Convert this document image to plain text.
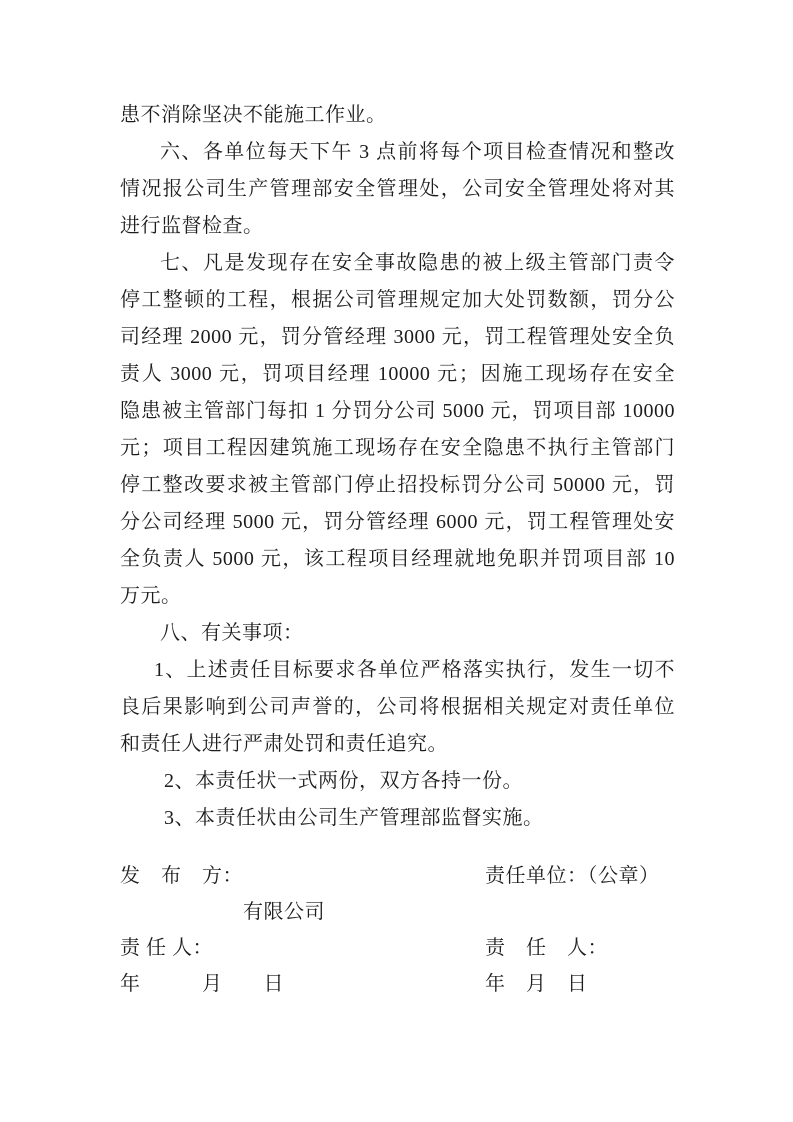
患不消除坚决不能施工作业。
六、各单位每天下午 3 点前将每个项目检查情况和整改
情况报公司生产管理部安全管理处，公司安全管理处将对其
进行监督检查。
七、凡是发现存在安全事故隐患的被上级主管部门责令
停工整顿的工程，根据公司管理规定加大处罚数额，罚分公
司经理 2000 元，罚分管经理 3000 元，罚工程管理处安全负
责人 3000 元，罚项目经理 10000 元；因施工现场存在安全
隐患被主管部门每扣 1 分罚分公司 5000 元，罚项目部 10000
元；项目工程因建筑施工现场存在安全隐患不执行主管部门
停工整改要求被主管部门停止招投标罚分公司 50000 元，罚
分公司经理 5000 元，罚分管经理 6000 元，罚工程管理处安
全负责人 5000 元，该工程项目经理就地免职并罚项目部 10
万元。
八、有关事项：
1、上述责任目标要求各单位严格落实执行，发生一切不
良后果影响到公司声誉的，公司将根据相关规定对责任单位
和责任人进行严肃处罚和责任追究。
2、本责任状一式两份，双方各持一份。
3、本责任状由公司生产管理部监督实施。
发　布　方：	责任单位：（公章）
　　　　　　有限公司
责 任 人：	责　任　人：
年　　　月　　日	年　月　日
